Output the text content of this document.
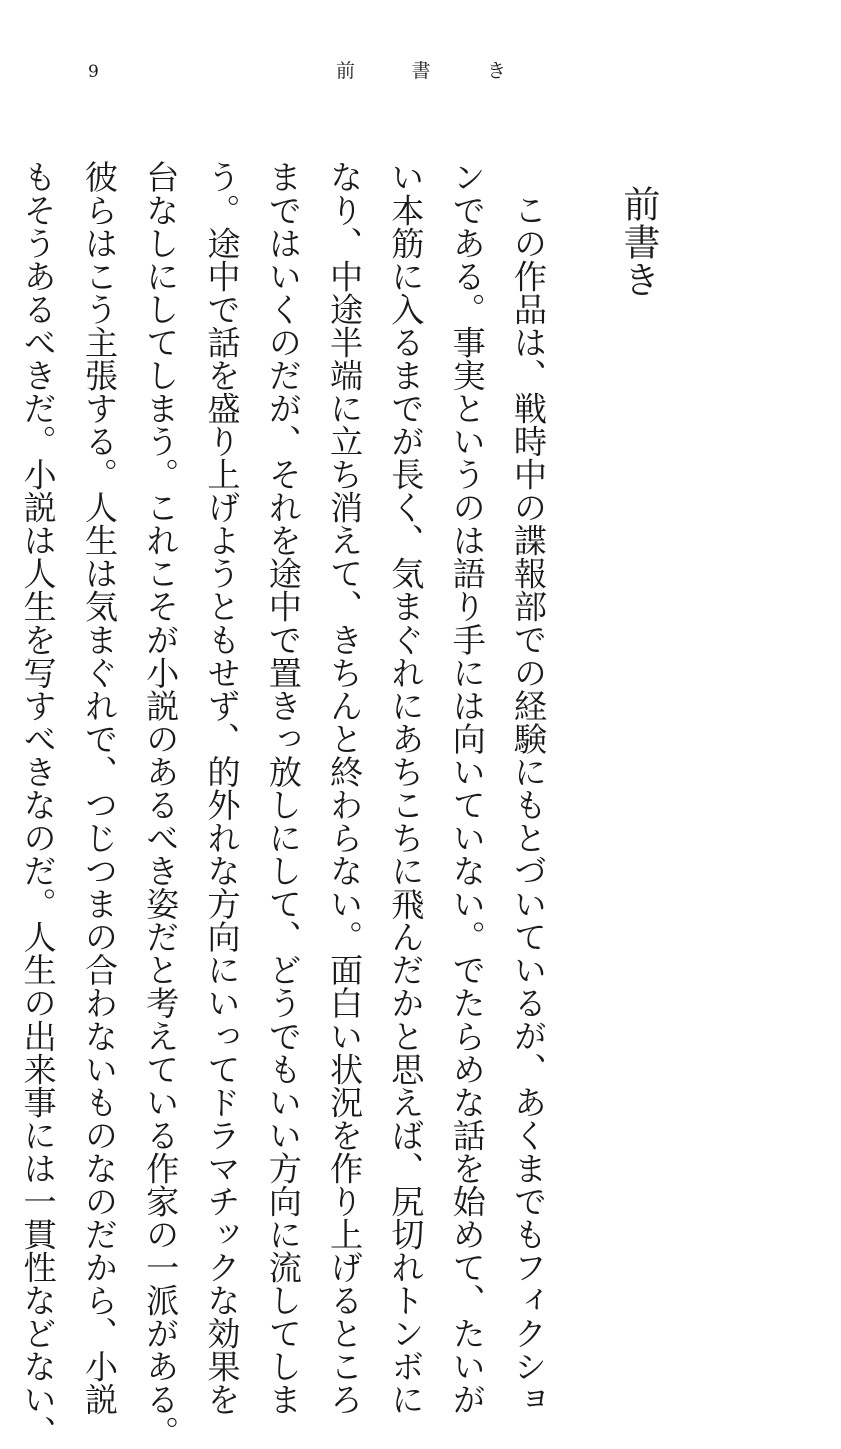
9	前	書	き
前書き
この作品は、戦時中の諜報部での経験にもとづいているが、あくまでもフィクショ
ンである。事実というのは語り手には向いていない。でたらめな話を始めて、たいが
い本筋に入るまでが長く、気まぐれにあちこちに飛んだかと思えば、尻切れトンボに
なり、中途半端に立ち消えて、きちんと終わらない。面白い状況を作り上げるところ
まではいくのだが、それを途中で置きっ放しにして、どうでもいい方向に流してしま
う。途中で話を盛り上げようともせず、的外れな方向にいってドラマチックな効果を
台なしにしてしまう。これこそが小説のあるべき姿だと考えている作家の一派がある。
彼らはこう主張する。人生は気まぐれで、つじつまの合わないものなのだから、小説
もそうあるべきだ。小説は人生を写すべきなのだ。人生の出来事には一貫性などない、
